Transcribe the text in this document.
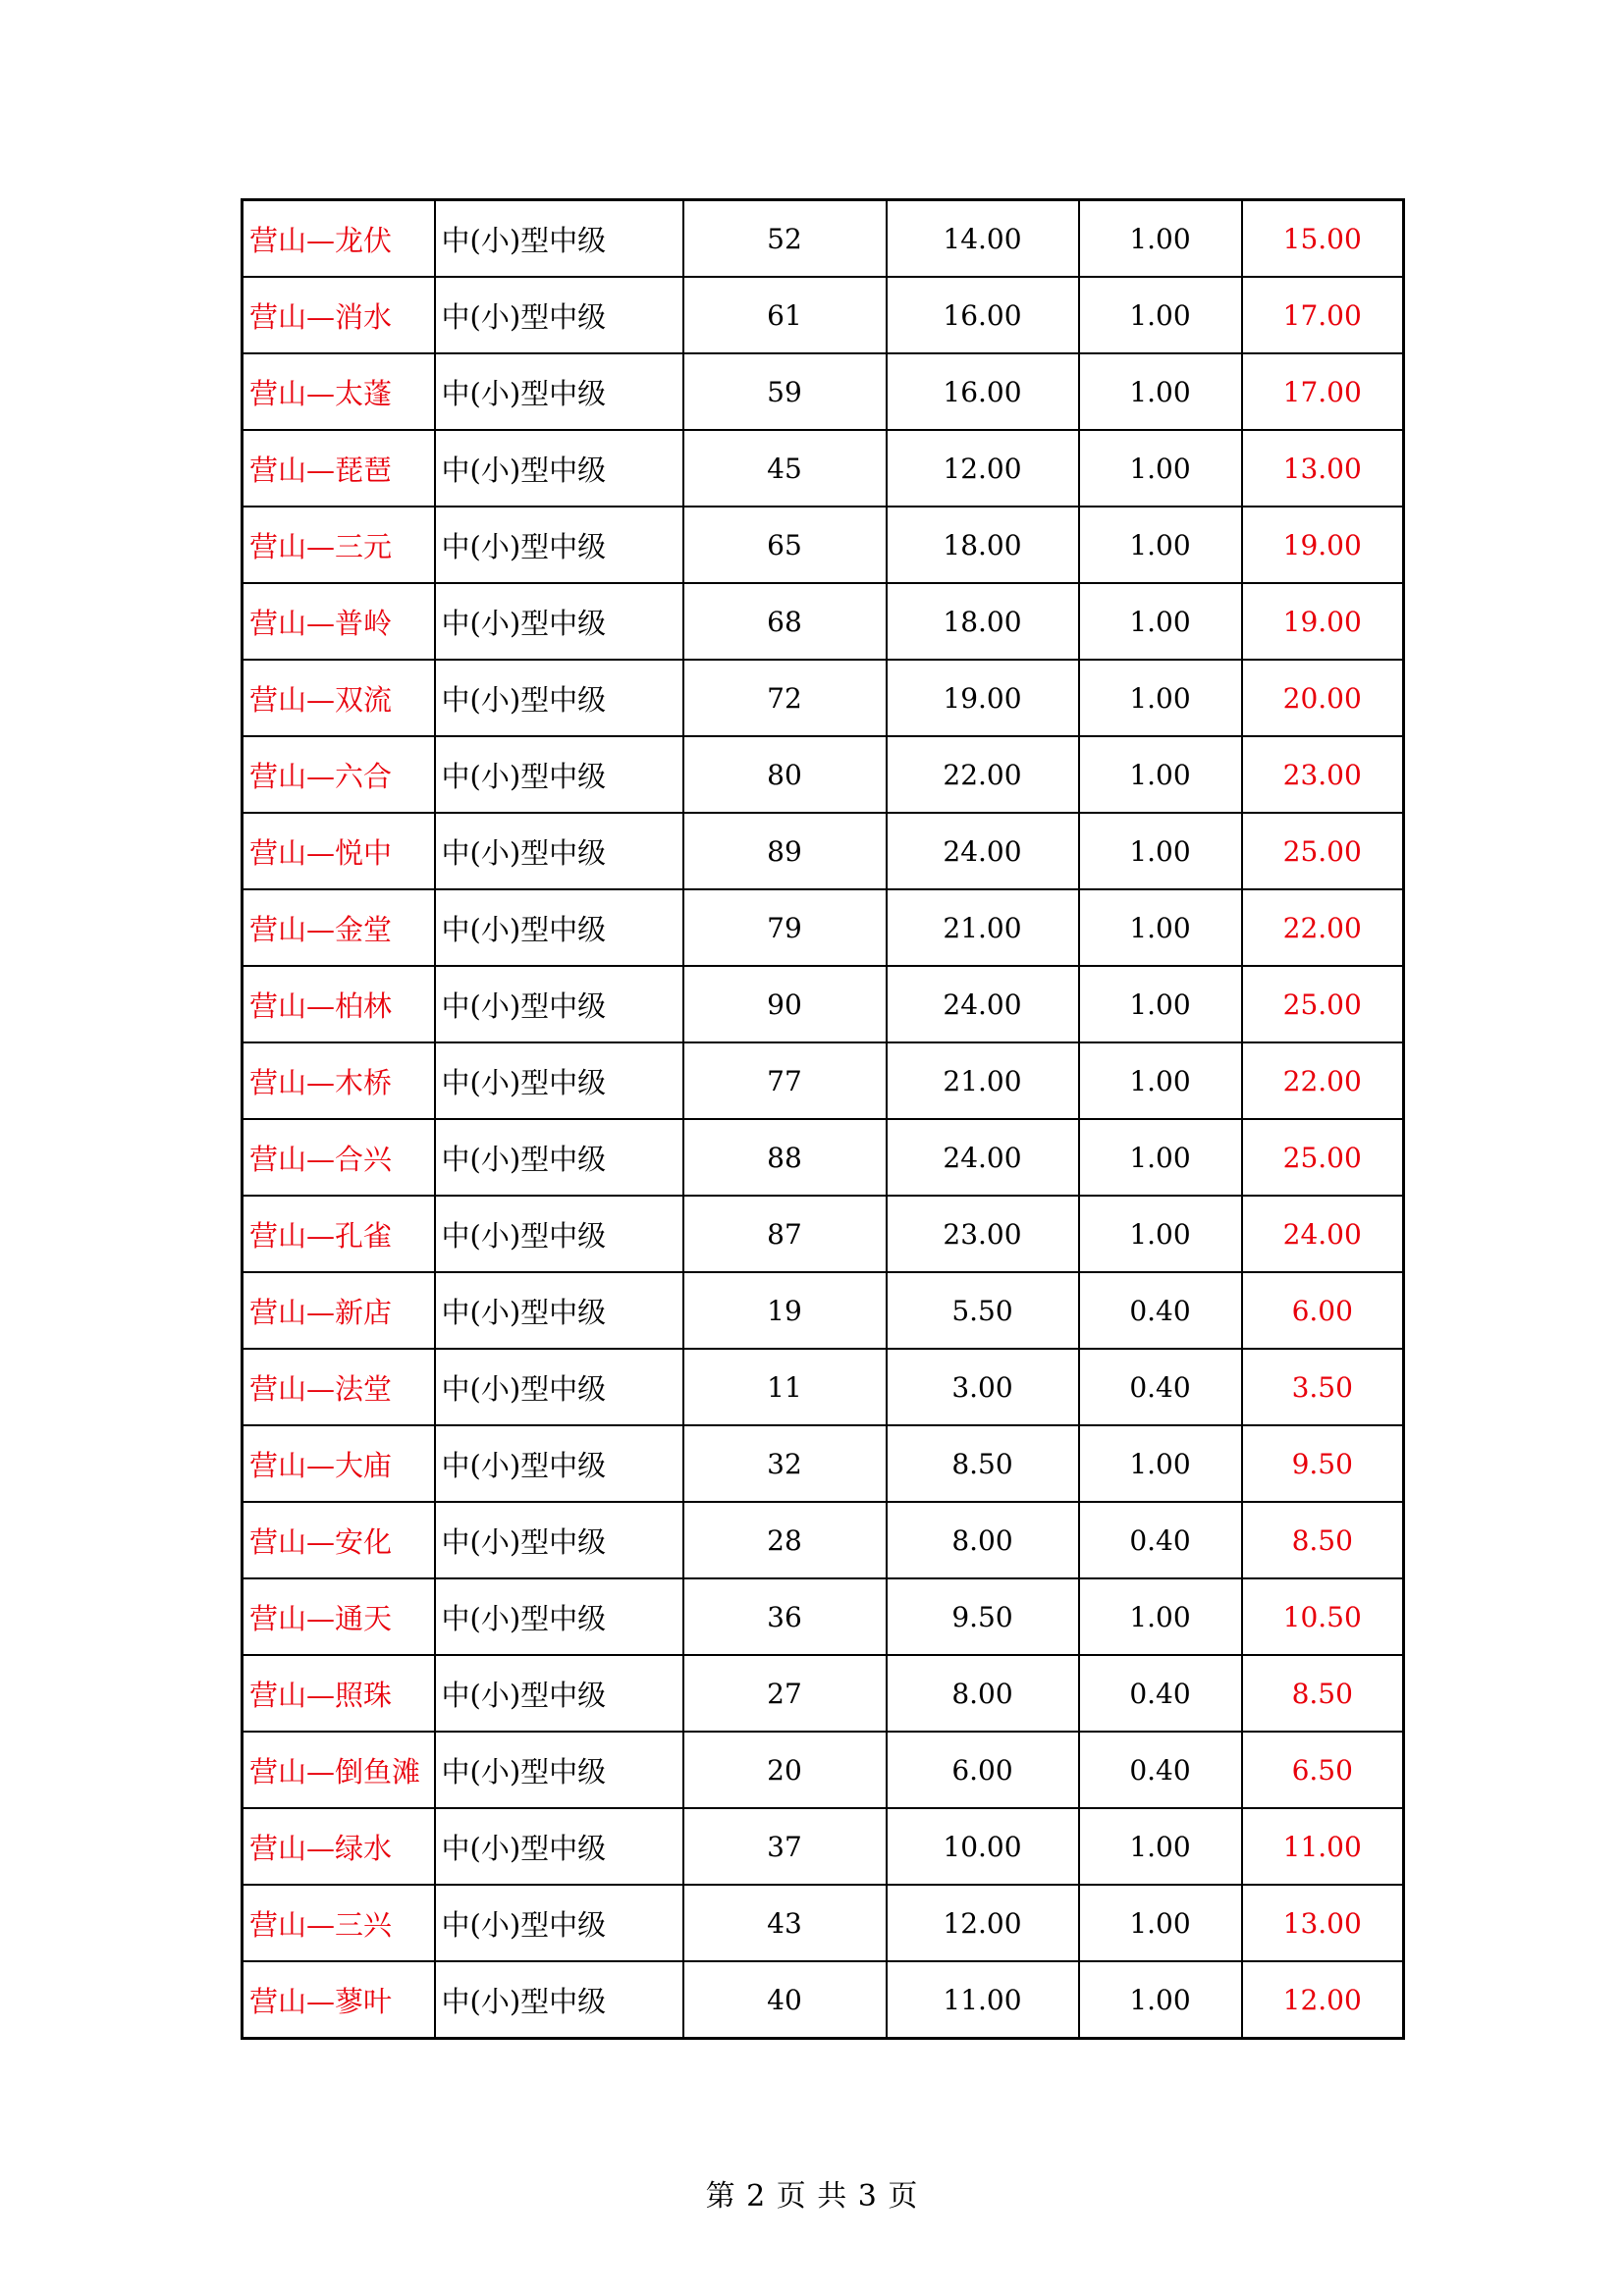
营山—龙伏	中(小)型中级	52	14.00	1.00	15.00
营山—消水	中(小)型中级	61	16.00	1.00	17.00
营山—太蓬	中(小)型中级	59	16.00	1.00	17.00
营山—琵琶	中(小)型中级	45	12.00	1.00	13.00
营山—三元	中(小)型中级	65	18.00	1.00	19.00
营山—普岭	中(小)型中级	68	18.00	1.00	19.00
营山—双流	中(小)型中级	72	19.00	1.00	20.00
营山—六合	中(小)型中级	80	22.00	1.00	23.00
营山—悦中	中(小)型中级	89	24.00	1.00	25.00
营山—金堂	中(小)型中级	79	21.00	1.00	22.00
营山—柏林	中(小)型中级	90	24.00	1.00	25.00
营山—木桥	中(小)型中级	77	21.00	1.00	22.00
营山—合兴	中(小)型中级	88	24.00	1.00	25.00
营山—孔雀	中(小)型中级	87	23.00	1.00	24.00
营山—新店	中(小)型中级	19	5.50	0.40	6.00
营山—法堂	中(小)型中级	11	3.00	0.40	3.50
营山—大庙	中(小)型中级	32	8.50	1.00	9.50
营山—安化	中(小)型中级	28	8.00	0.40	8.50
营山—通天	中(小)型中级	36	9.50	1.00	10.50
营山—照珠	中(小)型中级	27	8.00	0.40	8.50
营山—倒鱼滩	中(小)型中级	20	6.00	0.40	6.50
营山—绿水	中(小)型中级	37	10.00	1.00	11.00
营山—三兴	中(小)型中级	43	12.00	1.00	13.00
营山—蓼叶	中(小)型中级	40	11.00	1.00	12.00
第 2 页 共 3 页
